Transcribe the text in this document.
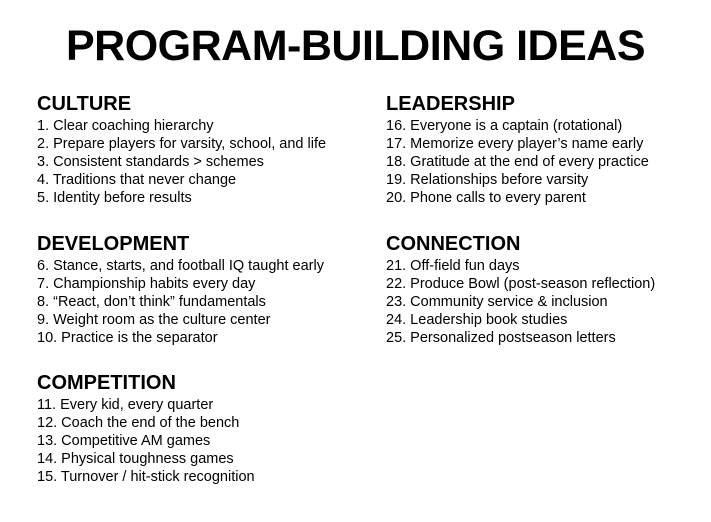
PROGRAM-BUILDING IDEAS
CULTURE
1. Clear coaching hierarchy
2. Prepare players for varsity, school, and life
3. Consistent standards > schemes
4. Traditions that never change
5. Identity before results
DEVELOPMENT
6. Stance, starts, and football IQ taught early
7. Championship habits every day
8. “React, don’t think” fundamentals
9. Weight room as the culture center
10. Practice is the separator
COMPETITION
11. Every kid, every quarter
12. Coach the end of the bench
13. Competitive AM games
14. Physical toughness games
15. Turnover / hit-stick recognition
LEADERSHIP
16. Everyone is a captain (rotational)
17. Memorize every player’s name early
18. Gratitude at the end of every practice
19. Relationships before varsity
20. Phone calls to every parent
CONNECTION
21. Off-field fun days
22. Produce Bowl (post-season reflection)
23. Community service & inclusion
24. Leadership book studies
25. Personalized postseason letters
